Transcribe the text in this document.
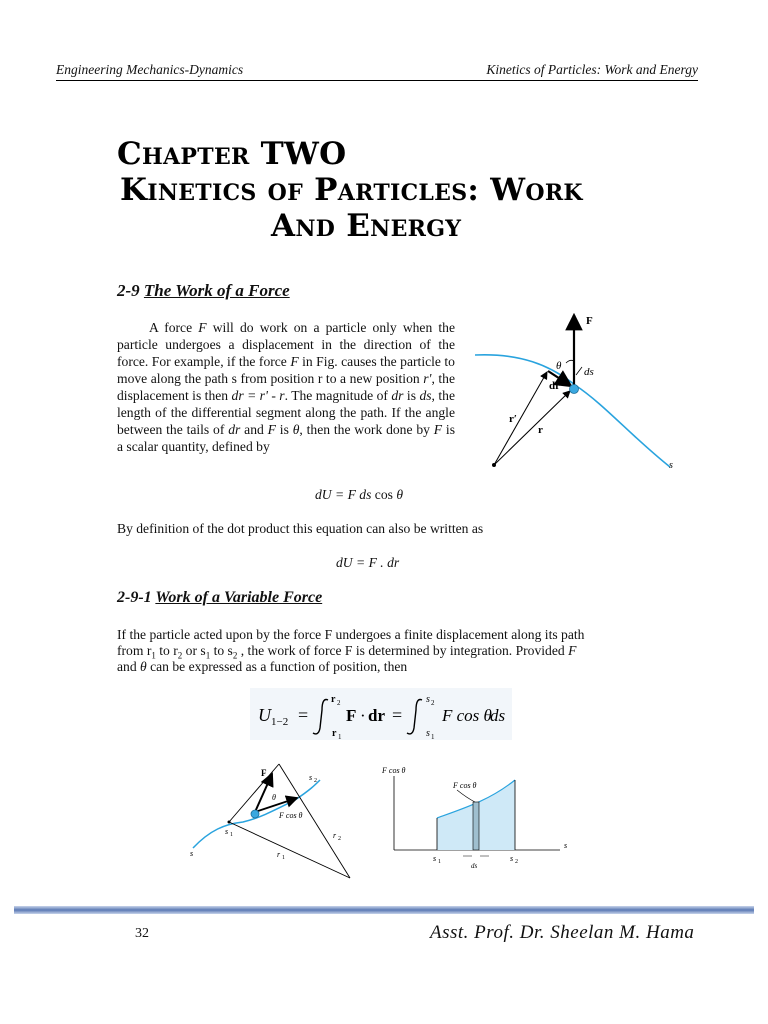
Engineering Mechanics-Dynamics	Kinetics of Particles: Work and Energy
Chapter TWO
Kinetics of Particles: Work
And Energy
2-9 The Work of a Force
A force F will do work on a particle only when the particle undergoes a displacement in the direction of the force. For example, if the force F in Fig. causes the particle to move along the path s from position r to a new position r', the displacement is then dr = r' - r. The magnitude of dr is ds, the length of the differential segment along the path. If the angle between the tails of dr and F is θ, then the work done by F is a scalar quantity, defined by
F
θ ds
dr
r′
r
s
dU = F ds cos θ
By definition of the dot product this equation can also be written as
dU = F . dr
2-9-1 Work of a Variable Force
If the particle acted upon by the force F undergoes a finite displacement along its path
from $r_1$ to $r_2$ or $s_1$ to $s_2$ , the work of force F is determined by integration. Provided F
and θ can be expressed as a function of position, then
U 1−2 =
r 2
r 1
F · dr =
s 2
s 1
F cos θ
ds
F
θ
F cos θ
s 2
s 1	r 2
r 1
s
F cos θ
F cos θ
s 1	s 2
ds
s
32	Asst. Prof. Dr. Sheelan M. Hama
